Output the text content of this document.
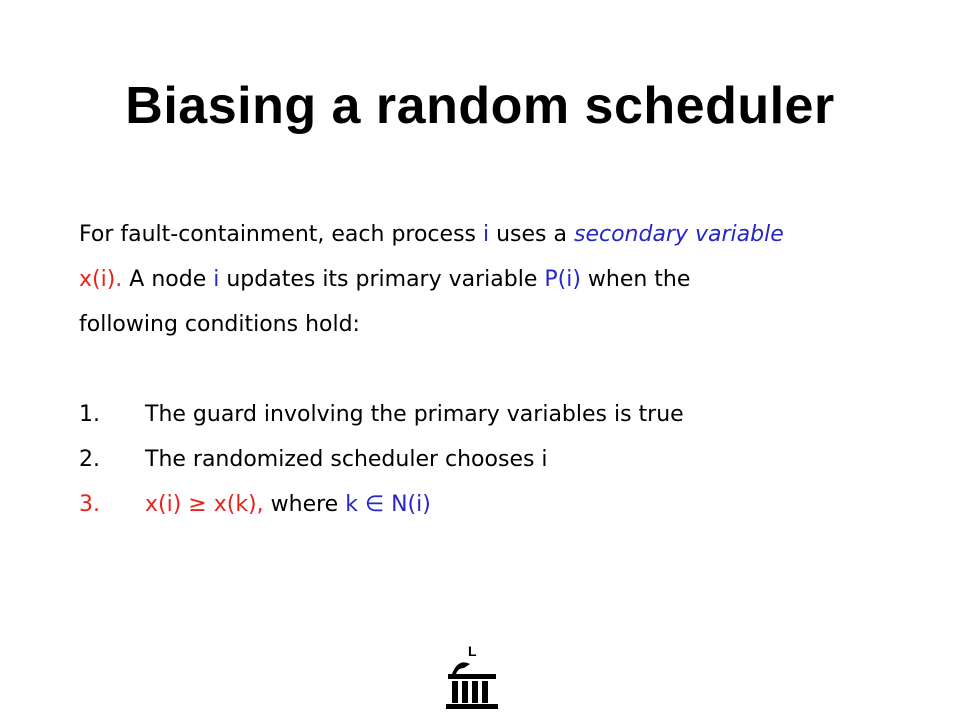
Biasing a random scheduler
For fault-containment, each process i uses a secondary variable
x(i). A node i updates its primary variable P(i) when the
following conditions hold:
1. The guard involving the primary variables is true
2. The randomized scheduler chooses i
3. x(i) ≥ x(k), where k ∈ N(i)
L
